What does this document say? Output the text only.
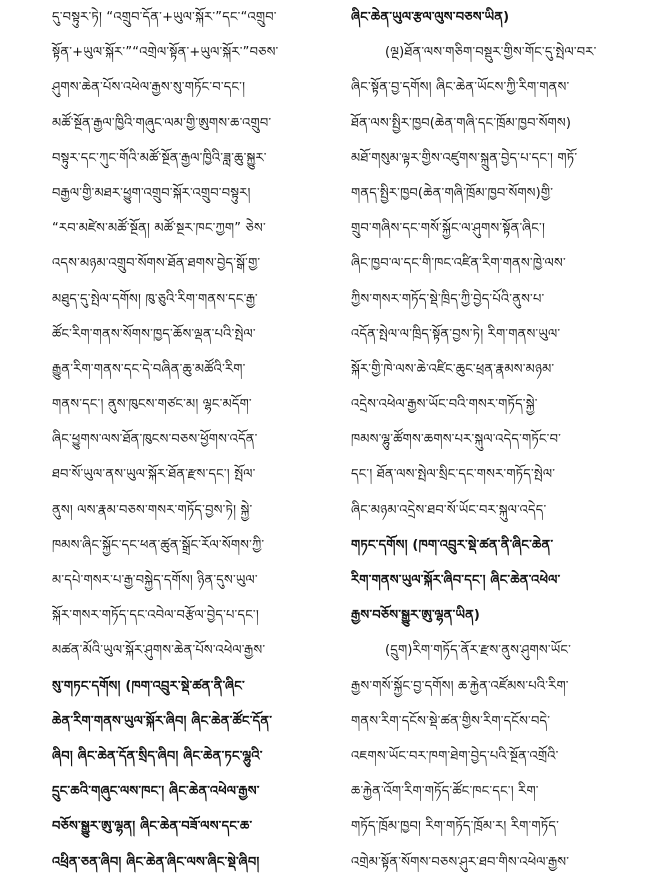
དུ་བསྟུར་ཏེ། “འགྲུབ་དོན་+ཡུལ་སྐོར་”དང་“འགྲུབ་
སྟོན་+ཡུལ་སྐོར་”“འགྲེལ་སྟོན་+ཡུལ་སྐོར་”བཅས་
ཤུགས་ཆེན་པོས་འཕེལ་རྒྱས་སུ་གཏོང་བ་དང་།
མཚོ་སྔོན་རྒྱལ་ཁྱིའི་གཞུང་ལམ་གྱི་ཨུགས་ཆ་འགྲུབ་
བསྟུར་དང་ཀུང་གོའི་མཚོ་སྔོན་རྒྱལ་ཁྱིའི་ཟླ་ཆུ་སྐྱུར་
བརྒྱལ་གྱི་མཐར་ཕྱུག་འགྲུབ་སྐོར་འགྲུབ་བསྟུར།
“རབ་མཛེས་མཚོ་སྔོན། མཚོ་སྔར་ཁང་ཀྱག” ཅེས་
འདས་མཉམ་འགྲུབ་སོགས་ཐོན་ཐགས་བྱེད་སྒོ་གྱ་
མཐུད་དུ་སྤེལ་དགོས། ཁུ་ཅུའི་རིག་གནས་དང་རྒྱ་
ཚོང་རིག་གནས་སོགས་ཁྱད་ཆོས་ལྡན་པའི་སྤེལ་
རྒྱུན་རིག་གནས་དང་དེ་བཞིན་ཆུ་མཚོའི་རིག་
གནས་དང་། ནུས་ཁུངས་གཙང་མ། ལྷང་མདོག་
ཞིང་ཕྱུགས་ལས་ཐོན་ཁུངས་བཅས་ཕྱོགས་འདོན་
ཐབ་སོ་ཡུལ་ནས་ཡུལ་སྐོར་ཐོན་རྫས་དང་། སྤོལ་
ནུས། ལས་རྣམ་བཅས་གསར་གཏོད་བྱས་ཏེ། སྐྱེ་
ཁམས་ཞིང་སྐྱོང་དང་ཕན་ཚུན་སྒྲོང་རོལ་སོགས་ཀྱི་
མ་དཔེ་གསར་པ་རྒྱ་བསྐྱེད་དགོས། ཉིན་དུས་ཡུལ་
སྐོར་གསར་གཏོད་དང་འབེལ་བརྩོལ་བྱེད་པ་དང་།
མཚན་མོའི་ཡུལ་སྐོར་ཤུགས་ཆེན་པོས་འཕེལ་རྒྱས་
སུ་གཏང་དགོས། (ཁག་འབྲུར་སྡེ་ཚན་ནི་ཞིང་
ཆེན་རིག་གནས་ཡུལ་སྐོར་ཞིབ། ཞིང་ཆེན་ཚོང་དོན་
ཞིབ། ཞིང་ཆེན་དོན་སྲིད་ཞིབ། ཞིང་ཆེན་ཏང་ལྷུའི་
དྲུང་ཆའི་གཞུང་ལས་ཁང་། ཞིང་ཆེན་འཕེལ་རྒྱས་
བཅོས་སྒྱུར་ཨུ་ལྷན། ཞིང་ཆེན་བཟོ་ལས་དང་ཆ་
འཕྲིན་ཅན་ཞིབ། ཞིང་ཆེན་ཞིང་ལས་ཞིང་སྡེ་ཞིབ།
ཞིང་ཆེན་ཡུལ་རྩལ་ལུས་བཅས་ཡིན)
(ལྔ)ཐོན་ལས་གཅིག་བསྡུར་གྱིས་གོང་དུ་སྤེལ་བར་
ཞིང་སྟོན་བྱ་དགོས། ཞིང་ཆེན་ཡོངས་ཀྱི་རིག་གནས་
ཐོན་ལས་སྤྱིར་ཁྱབ(ཆེན་གཞི་དང་ཁྲོམ་ཁྱབ་སོགས)
མཐོ་གསུམ་ལྟར་གྱིས་འཛུགས་སྐྲུན་བྱེད་པ་དང་། གཏོ་
གནད་སྤྱིར་ཁྱབ(ཆེན་གཞི་ཁྲོམ་ཁྱབ་སོགས)གྱི་
གྲུབ་གཞིས་དང་གསོ་སྐྱོང་ལ་ཤུགས་སྟོན་ཞིང་།
ཞིང་ཁྱབ་ལ་དང་གི་ཁང་འཛིན་རིག་གནས་ཁྱེ་ལས་
ཀྱིས་གསར་གཏོད་སྡེ་ཁྲིད་ཀྱི་བྱེད་པོའི་ནུས་པ་
འདོན་སྤེལ་ལ་ཁྲིད་སྟོན་བྱས་ཏེ། རིག་གནས་ཡུལ་
སྐོར་གྱི་ཁེ་ལས་ཆེ་འཛིང་ཆུང་ཕྲན་རྣམས་མཉམ་
འདྲེས་འཕེལ་རྒྱས་ཡོང་བའི་གསར་གཏོད་སྐྱེ་
ཁམས་ལྷུ་ཚོགས་ཆགས་པར་སྐུལ་འདེད་གཏོང་བ་
དང་། ཐོན་ལས་སྤེལ་སྲིང་དང་གསར་གཏོད་སྤེལ་
ཞིང་མཉམ་འདྲེས་ཐབ་སོ་ཡོང་བར་སྐུལ་འདེད་
གཏང་དགོས། (ཁག་འབྲུར་སྡེ་ཚན་ནི་ཞིང་ཆེན་
རིག་གནས་ཡུལ་སྐོར་ཞིབ་དང་། ཞིང་ཆེན་འཕེལ་
རྒྱས་བཅོས་སྒྱུར་ཨུ་ལྷན་ཡིན)
(དྲུག)རིག་གཏོད་ནོར་རྫས་ནུས་ཤུགས་ཡོང་
རྒྱས་གསོ་སྐྱོང་བྱ་དགོས། ཆ་རྐྱེན་འཛོམས་པའི་རིག་
གནས་རིག་དངོས་སྡེ་ཚན་གྱིས་རིག་དངོས་བདེ་
འཇགས་ཡོང་བར་ཁག་ཐེག་བྱེད་པའི་སྔོན་འགྲོའི་
ཆ་རྐྱེན་འོག་རིག་གཏོད་ཚོང་ཁང་དང་། རིག་
གཏོད་ཁྲོམ་ཁྱབ། རིག་གཏོད་ཁྲོམ་ར། རིག་གཏོད་
འགྲེམ་སྟོན་སོགས་བཅས་ཤུར་ཐབ་གིས་འཕེལ་རྒྱས་
